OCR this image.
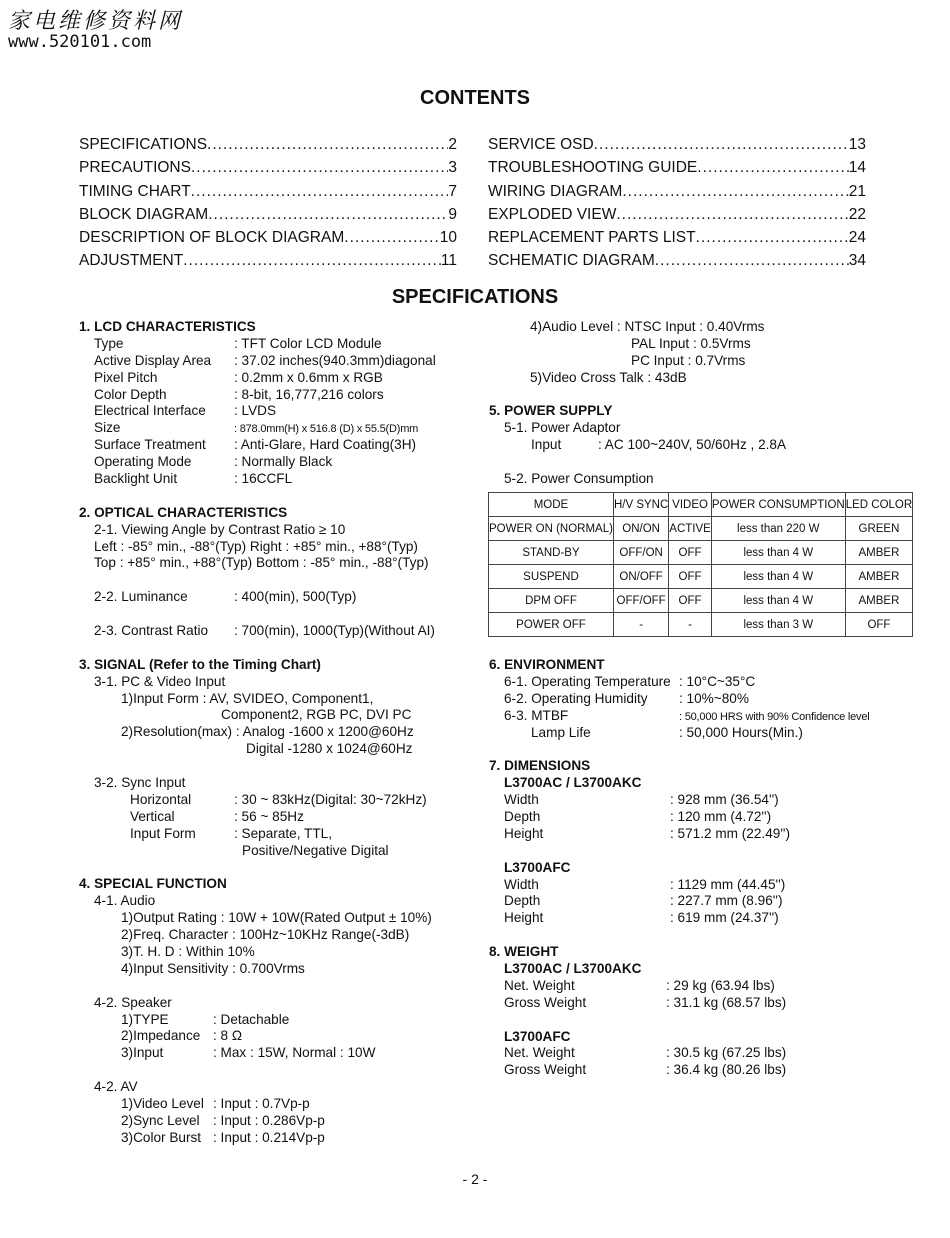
家电维修资料网
www.520101.com
CONTENTS
SPECIFICATIONS .....	2
PRECAUTIONS .....	3
TIMING CHART .....	7
BLOCK DIAGRAM .....	9
DESCRIPTION OF BLOCK DIAGRAM .....	10
ADJUSTMENT .....	11
SERVICE OSD .....	13
TROUBLESHOOTING GUIDE .....	14
WIRING DIAGRAM .....	21
EXPLODED VIEW .....	22
REPLACEMENT PARTS LIST .....	24
SCHEMATIC DIAGRAM .....	34
SPECIFICATIONS
1. LCD CHARACTERISTICS
Type	: TFT Color LCD Module
Active Display Area : 37.02 inches(940.3mm)diagonal
Pixel Pitch	: 0.2mm x 0.6mm x RGB
Color Depth	: 8-bit, 16,777,216 colors
Electrical Interface : LVDS
Size	: 878.0mm(H) x 516.8 (D) x 55.5(D)mm
Surface Treatment : Anti-Glare, Hard Coating(3H)
Operating Mode	: Normally Black
Backlight Unit	: 16CCFL
2. OPTICAL CHARACTERISTICS
2-1. Viewing Angle by Contrast Ratio ≥ 10
Left : -85° min., -88°(Typ) Right : +85° min., +88°(Typ)
Top : +85° min., +88°(Typ) Bottom : -85° min., -88°(Typ)
2-2. Luminance	: 400(min), 500(Typ)
2-3. Contrast Ratio : 700(min), 1000(Typ)(Without AI)
3. SIGNAL (Refer to the Timing Chart)
3-1. PC & Video Input
1)Input Form : AV, SVIDEO, Component1,
Component2, RGB PC, DVI PC
2)Resolution(max) : Analog -1600 x 1200@60Hz
Digital -1280 x 1024@60Hz
3-2. Sync Input
Horizontal	: 30 ~ 83kHz(Digital: 30~72kHz)
Vertical	: 56 ~ 85Hz
Input Form	: Separate, TTL,
Positive/Negative Digital
4. SPECIAL FUNCTION
4-1. Audio
1)Output Rating : 10W + 10W(Rated Output ± 10%)
2)Freq. Character : 100Hz~10KHz Range(-3dB)
3)T. H. D : Within 10%
4)Input Sensitivity : 0.700Vrms
4-2. Speaker
1)TYPE	: Detachable
2)Impedance : 8 Ω
3)Input	: Max : 15W, Normal : 10W
4-2. AV
1)Video Level : Input : 0.7Vp-p
2)Sync Level : Input : 0.286Vp-p
3)Color Burst : Input : 0.214Vp-p
4)Audio Level : NTSC Input : 0.40Vrms
PAL Input : 0.5Vrms
PC Input : 0.7Vrms
5)Video Cross Talk : 43dB
5. POWER SUPPLY
5-1. Power Adaptor
Input	: AC 100~240V, 50/60Hz , 2.8A
5-2. Power Consumption
MODE	H/V SYNC	VIDEO	POWER CONSUMPTION	LED COLOR
POWER ON (NORMAL)	ON/ON	ACTIVE	less than 220 W	GREEN
STAND-BY	OFF/ON	OFF	less than 4 W	AMBER
SUSPEND	ON/OFF	OFF	less than 4 W	AMBER
DPM OFF	OFF/OFF	OFF	less than 4 W	AMBER
POWER OFF	-	-	less than 3 W	OFF
6. ENVIRONMENT
6-1. Operating Temperature : 10°C~35°C
6-2. Operating Humidity : 10%~80%
6-3. MTBF	: 50,000 HRS with 90% Confidence level
Lamp Life	: 50,000 Hours(Min.)
7. DIMENSIONS
L3700AC / L3700AKC
Width	: 928 mm (36.54'')
Depth	: 120 mm (4.72'')
Height	: 571.2 mm (22.49'')
L3700AFC
Width	: 1129 mm (44.45'')
Depth	: 227.7 mm (8.96'')
Height	: 619 mm (24.37'')
8. WEIGHT
L3700AC / L3700AKC
Net. Weight	: 29 kg (63.94 lbs)
Gross Weight	: 31.1 kg (68.57 lbs)
L3700AFC
Net. Weight	: 30.5 kg (67.25 lbs)
Gross Weight	: 36.4 kg (80.26 lbs)
- 2 -
